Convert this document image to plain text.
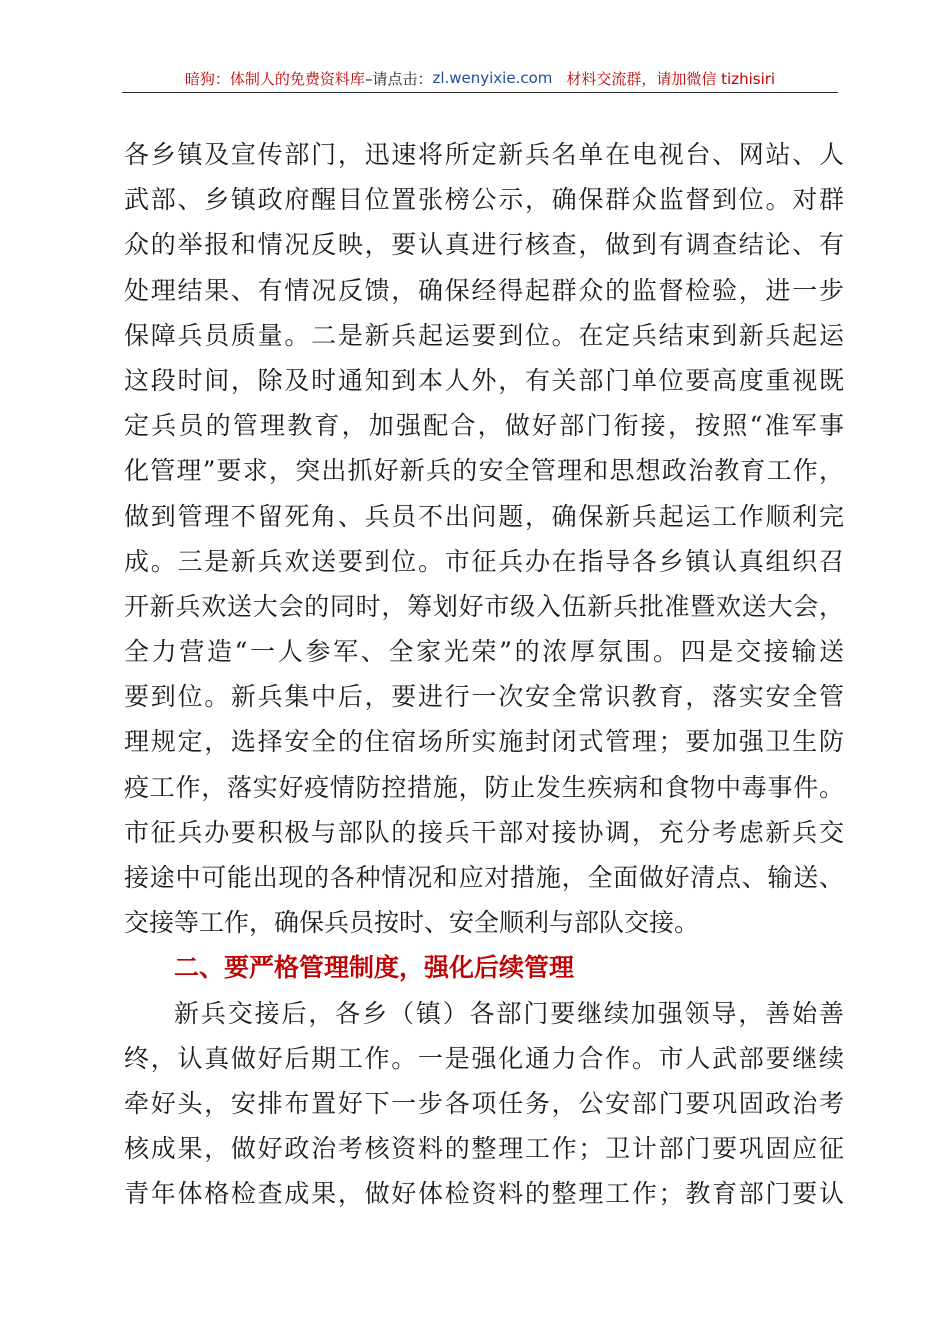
暗狗：体制人的免费资料库 –请点击： zl.wenyixie.com 材料交流群，请加微信 tizhisiri
各乡镇及宣传部门，迅速将所定新兵名单在电视台、网站、人
武部、乡镇政府醒目位置张榜公示，确保群众监督到位。对群
众的举报和情况反映，要认真进行核查，做到有调查结论、有
处理结果、有情况反馈，确保经得起群众的监督检验，进一步
保障兵员质量。二是新兵起运要到位。在定兵结束到新兵起运
这段时间，除及时通知到本人外，有关部门单位要高度重视既
定兵员的管理教育，加强配合，做好部门衔接，按照“准军事
化管理”要求，突出抓好新兵的安全管理和思想政治教育工作，
做到管理不留死角、兵员不出问题，确保新兵起运工作顺利完
成。三是新兵欢送要到位。市征兵办在指导各乡镇认真组织召
开新兵欢送大会的同时，筹划好市级入伍新兵批准暨欢送大会，
全力营造“一人参军、全家光荣”的浓厚氛围。四是交接输送
要到位。新兵集中后，要进行一次安全常识教育，落实安全管
理规定，选择安全的住宿场所实施封闭式管理；要加强卫生防
疫工作，落实好疫情防控措施，防止发生疾病和食物中毒事件。
市征兵办要积极与部队的接兵干部对接协调，充分考虑新兵交
接途中可能出现的各种情况和应对措施，全面做好清点、输送、
交接等工作，确保兵员按时、安全顺利与部队交接。
二、要严格管理制度，强化后续管理
新兵交接后，各乡（镇）各部门要继续加强领导，善始善
终，认真做好后期工作。一是强化通力合作。市人武部要继续
牵好头，安排布置好下一步各项任务，公安部门要巩固政治考
核成果，做好政治考核资料的整理工作；卫计部门要巩固应征
青年体格检查成果，做好体检资料的整理工作；教育部门要认
